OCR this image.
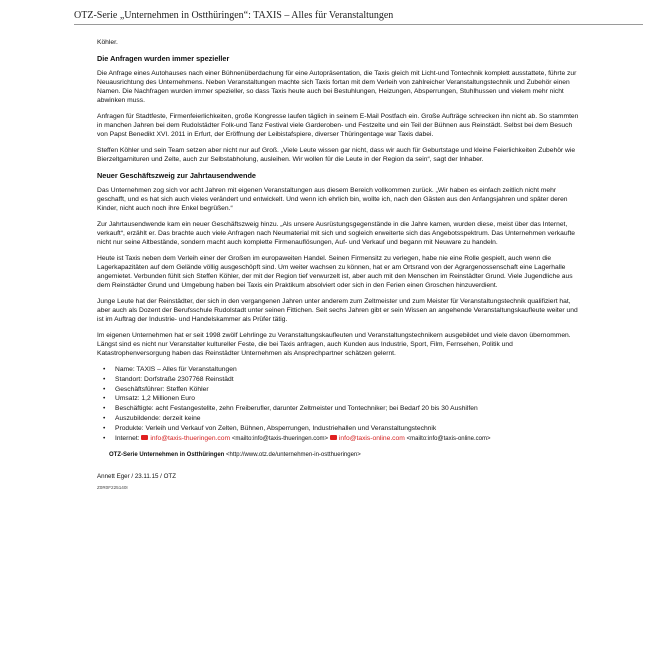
OTZ-Serie „Unternehmen in Ostthüringen“: TAXIS – Alles für Veranstaltungen

Köhler.

Die Anfragen wurden immer spezieller

Die Anfrage eines Autohauses nach einer Bühnenüberdachung für eine Autopräsentation, die Taxis gleich mit Licht-und Tontechnik komplett ausstattete, führte zur Neuausrichtung des Unternehmens. Neben Veranstaltungen machte sich Taxis fortan mit dem Verleih von zahlreicher Veranstaltungstechnik und Zubehör einen Namen. Die Nachfragen wurden immer spezieller, so dass Taxis heute auch bei Bestuhlungen, Heizungen, Absperrungen, Stuhlhussen und vielem mehr nicht abwinken muss.

Anfragen für Stadtfeste, Firmenfeierlichkeiten, große Kongresse laufen täglich in seinem E-Mail Postfach ein. Große Aufträge schrecken ihn nicht ab. So stammten in manchen Jahren bei dem Rudolstädter Folk-und Tanz Festival viele Garderoben- und Festzelte und ein Teil der Bühnen aus Reinstädt. Selbst bei dem Besuch von Papst Benedikt XVI. 2011 in Erfurt, der Eröffnung der Leibistafspiere, diverser Thüringentage war Taxis dabei.

Steffen Köhler und sein Team setzen aber nicht nur auf Groß. „Viele Leute wissen gar nicht, dass wir auch für Geburtstage und kleine Feierlichkeiten Zubehör wie Bierzeltgarnituren und Zelte, auch zur Selbstabholung, ausleihen. Wir wollen für die Leute in der Region da sein“, sagt der Inhaber.

Neuer Geschäftszweig zur Jahrtausendwende

Das Unternehmen zog sich vor acht Jahren mit eigenen Veranstaltungen aus diesem Bereich vollkommen zurück. „Wir haben es einfach zeitlich nicht mehr geschafft, und es hat sich auch vieles verändert und entwickelt. Und wenn ich ehrlich bin, wollte ich, nach den Gästen aus den Anfangsjahren und später deren Kinder, nicht auch noch ihre Enkel begrüßen.“

Zur Jahrtausendwende kam ein neuer Geschäftszweig hinzu. „Als unsere Ausrüstungsgegenstände in die Jahre kamen, wurden diese, meist über das Internet, verkauft“, erzählt er. Das brachte auch viele Anfragen nach Neumaterial mit sich und sogleich erweiterte sich das Angebotsspektrum. Das Unternehmen verkaufte nicht nur seine Altbestände, sondern macht auch komplette Firmenauflösungen, Auf- und Verkauf und begann mit Neuware zu handeln.

Heute ist Taxis neben dem Verleih einer der Großen im europaweiten Handel. Seinen Firmensitz zu verlegen, habe nie eine Rolle gespielt, auch wenn die Lagerkapazitäten auf dem Gelände völlig ausgeschöpft sind. Um weiter wachsen zu können, hat er am Ortsrand von der Agrargenossenschaft eine Lagerhalle angemietet. Verbunden fühlt sich Steffen Köhler, der mit der Region tief verwurzelt ist, aber auch mit den Menschen im Reinstädter Grund. Viele Jugendliche aus dem Reinstädter Grund und Umgebung haben bei Taxis ein Praktikum absolviert oder sich in den Ferien einen Groschen hinzuverdient.

Junge Leute hat der Reinstädter, der sich in den vergangenen Jahren unter anderem zum Zeltmeister und zum Meister für Veranstaltungstechnik qualifiziert hat, aber auch als Dozent der Berufsschule Rudolstadt unter seinen Fittichen. Seit sechs Jahren gibt er sein Wissen an angehende Veranstaltungskaufleute weiter und ist im Auftrag der Industrie- und Handelskammer als Prüfer tätig.

Im eigenen Unternehmen hat er seit 1998 zwölf Lehrlinge zu Veranstaltungskaufleuten und Veranstaltungstechnikern ausgebildet und viele davon übernommen. Längst sind es nicht nur Veranstalter kultureller Feste, die bei Taxis anfragen, auch Kunden aus Industrie, Sport, Film, Fernsehen, Politik und Katastrophenversorgung haben das Reinstädter Unternehmen als Ansprechpartner schätzen gelernt.

• Name: TAXIS – Alles für Veranstaltungen
• Standort: Dorfstraße 2307768 Reinstädt
• Geschäftsführer: Steffen Köhler
• Umsatz: 1,2 Millionen Euro
• Beschäftigte: acht Festangestellte, zehn Freiberufler, darunter Zeltmeister und Tontechniker; bei Bedarf 20 bis 30 Aushilfen
• Auszubildende: derzeit keine
• Produkte: Verleih und Verkauf von Zelten, Bühnen, Absperrungen, Industriehallen und Veranstaltungstechnik
• Internet: info@taxis-thueringen.com <mailto:info@taxis-thueringen.com> info@taxis-online.com <mailto:info@taxis-online.com>
OTZ-Serie Unternehmen in Ostthüringen <http://www.otz.de/unternehmen-in-ostthueringen>
Annett Eger / 23.11.15 / OTZ
Z0R0F225140I
